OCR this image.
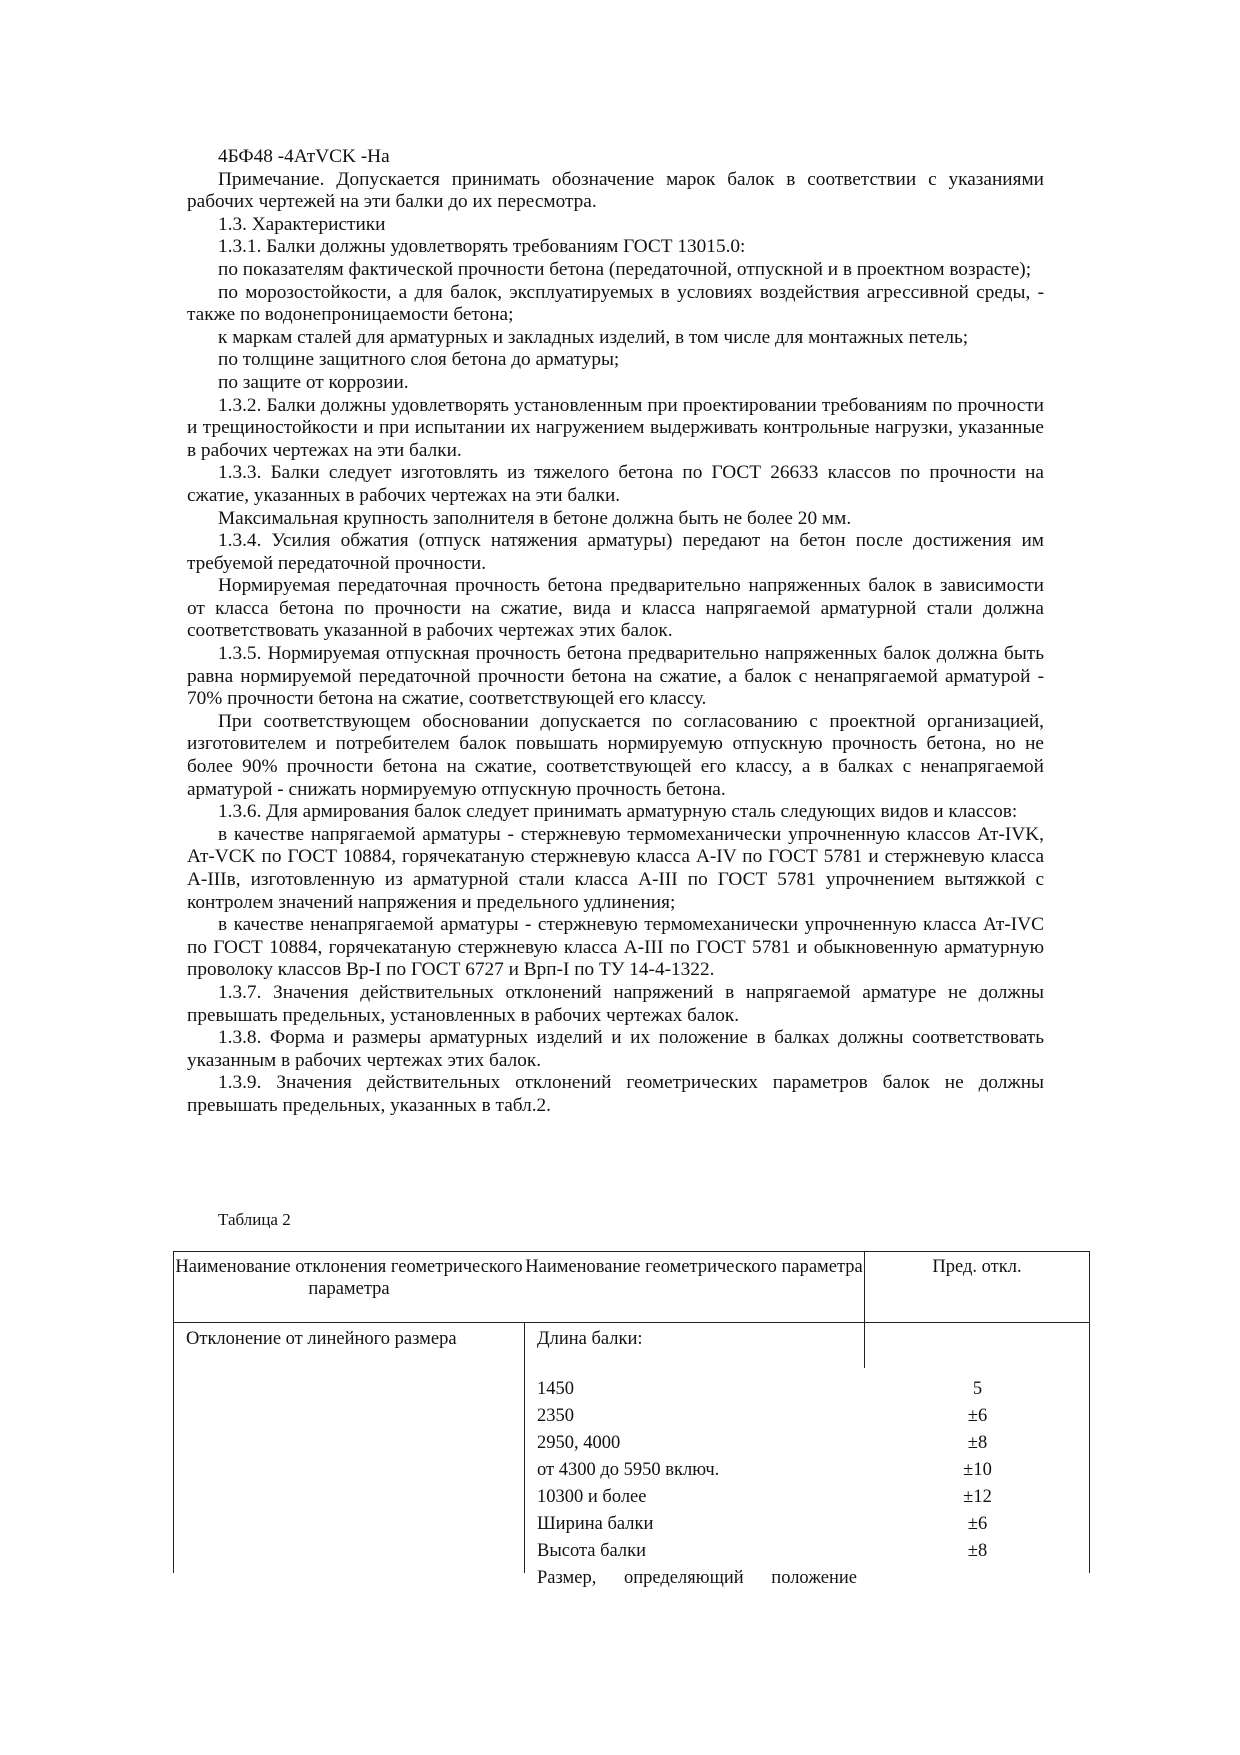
4БФ48 -4АтVCK -На

Примечание. Допускается принимать обозначение марок балок в соответствии с указаниями рабочих чертежей на эти балки до их пересмотра.

1.3. Характеристики

1.3.1. Балки должны удовлетворять требованиям ГОСТ 13015.0:

по показателям фактической прочности бетона (передаточной, отпускной и в проектном возрасте);

по морозостойкости, а для балок, эксплуатируемых в условиях воздействия агрессивной среды, - также по водонепроницаемости бетона;

к маркам сталей для арматурных и закладных изделий, в том числе для монтажных петель;

по толщине защитного слоя бетона до арматуры;

по защите от коррозии.

1.3.2. Балки должны удовлетворять установленным при проектировании требованиям по прочности и трещиностойкости и при испытании их нагружением выдерживать контрольные нагрузки, указанные в рабочих чертежах на эти балки.

1.3.3. Балки следует изготовлять из тяжелого бетона по ГОСТ 26633 классов по прочности на сжатие, указанных в рабочих чертежах на эти балки.

Максимальная крупность заполнителя в бетоне должна быть не более 20 мм.

1.3.4. Усилия обжатия (отпуск натяжения арматуры) передают на бетон после достижения им требуемой передаточной прочности.

Нормируемая передаточная прочность бетона предварительно напряженных балок в зависимости от класса бетона по прочности на сжатие, вида и класса напрягаемой арматурной стали должна соответствовать указанной в рабочих чертежах этих балок.

1.3.5. Нормируемая отпускная прочность бетона предварительно напряженных балок должна быть равна нормируемой передаточной прочности бетона на сжатие, а балок с ненапрягаемой арматурой - 70% прочности бетона на сжатие, соответствующей его классу.

При соответствующем обосновании допускается по согласованию с проектной организацией, изготовителем и потребителем балок повышать нормируемую отпускную прочность бетона, но не более 90% прочности бетона на сжатие, соответствующей его классу, а в балках с ненапрягаемой арматурой - снижать нормируемую отпускную прочность бетона.

1.3.6. Для армирования балок следует принимать арматурную сталь следующих видов и классов:

в качестве напрягаемой арматуры - стержневую термомеханически упрочненную классов Ат-IVK, Ат-VCK по ГОСТ 10884, горячекатаную стержневую класса A-IV по ГОСТ 5781 и стержневую класса А-IIIв, изготовленную из арматурной стали класса А-III по ГОСТ 5781 упрочнением вытяжкой с контролем значений напряжения и предельного удлинения;

в качестве ненапрягаемой арматуры - стержневую термомеханически упрочненную класса Ат-IVC по ГОСТ 10884, горячекатаную стержневую класса А-III по ГОСТ 5781 и обыкновенную арматурную проволоку классов Вр-I по ГОСТ 6727 и Врп-I по ТУ 14-4-1322.

1.3.7. Значения действительных отклонений напряжений в напрягаемой арматуре не должны превышать предельных, установленных в рабочих чертежах балок.

1.3.8. Форма и размеры арматурных изделий и их положение в балках должны соответствовать указанным в рабочих чертежах этих балок.

1.3.9. Значения действительных отклонений геометрических параметров балок не должны превышать предельных, указанных в табл.2.

Таблица 2
Наименование отклонения геометрического параметра
Наименование геометрического параметра	Пред. откл.
Отклонение от линейного размера	Длина балки:
1450
2350
2950, 4000
от 4300 до 5950 включ.
10300 и более
Ширина балки
Высота балки
Размер, определяющий положение
5
±6
±8
±10
±12
±6
±8
